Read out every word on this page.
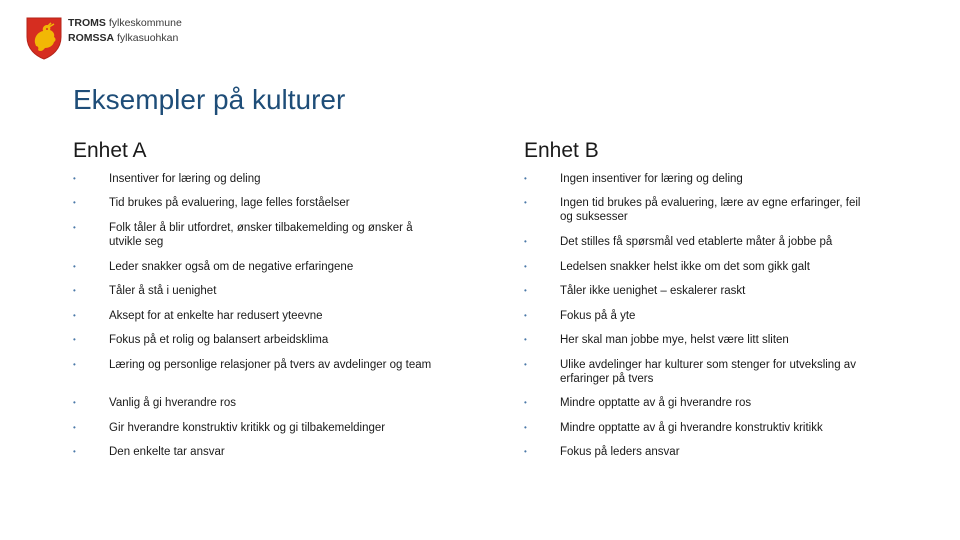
TROMS fylkeskommune
ROMSSA fylkasuohkan
Eksempler på kulturer
Enhet A	Enhet B
•	Insentiver for læring og deling
•	Tid brukes på evaluering, lage felles forståelser
•	Folk tåler å blir utfordret, ønsker tilbakemelding og ønsker å utvikle seg
•	Leder snakker også om de negative erfaringene
•	Tåler å stå i uenighet
•	Aksept for at enkelte har redusert yteevne
•	Fokus på et rolig og balansert arbeidsklima
•	Læring og personlige relasjoner på tvers av avdelinger og team
•	Vanlig å gi hverandre ros
•	Gir hverandre konstruktiv kritikk og gi tilbakemeldinger
•	Den enkelte tar ansvar
•	Ingen insentiver for læring og deling
•	Ingen tid brukes på evaluering, lære av egne erfaringer, feil og suksesser
•	Det stilles få spørsmål ved etablerte måter å jobbe på
•	Ledelsen snakker helst ikke om det som gikk galt
•	Tåler ikke uenighet – eskalerer raskt
•	Fokus på å yte
•	Her skal man jobbe mye, helst være litt sliten
•	Ulike avdelinger har kulturer som stenger for utveksling av erfaringer på tvers
•	Mindre opptatte av å gi hverandre ros
•	Mindre opptatte av å gi hverandre konstruktiv kritikk
•	Fokus på leders ansvar
